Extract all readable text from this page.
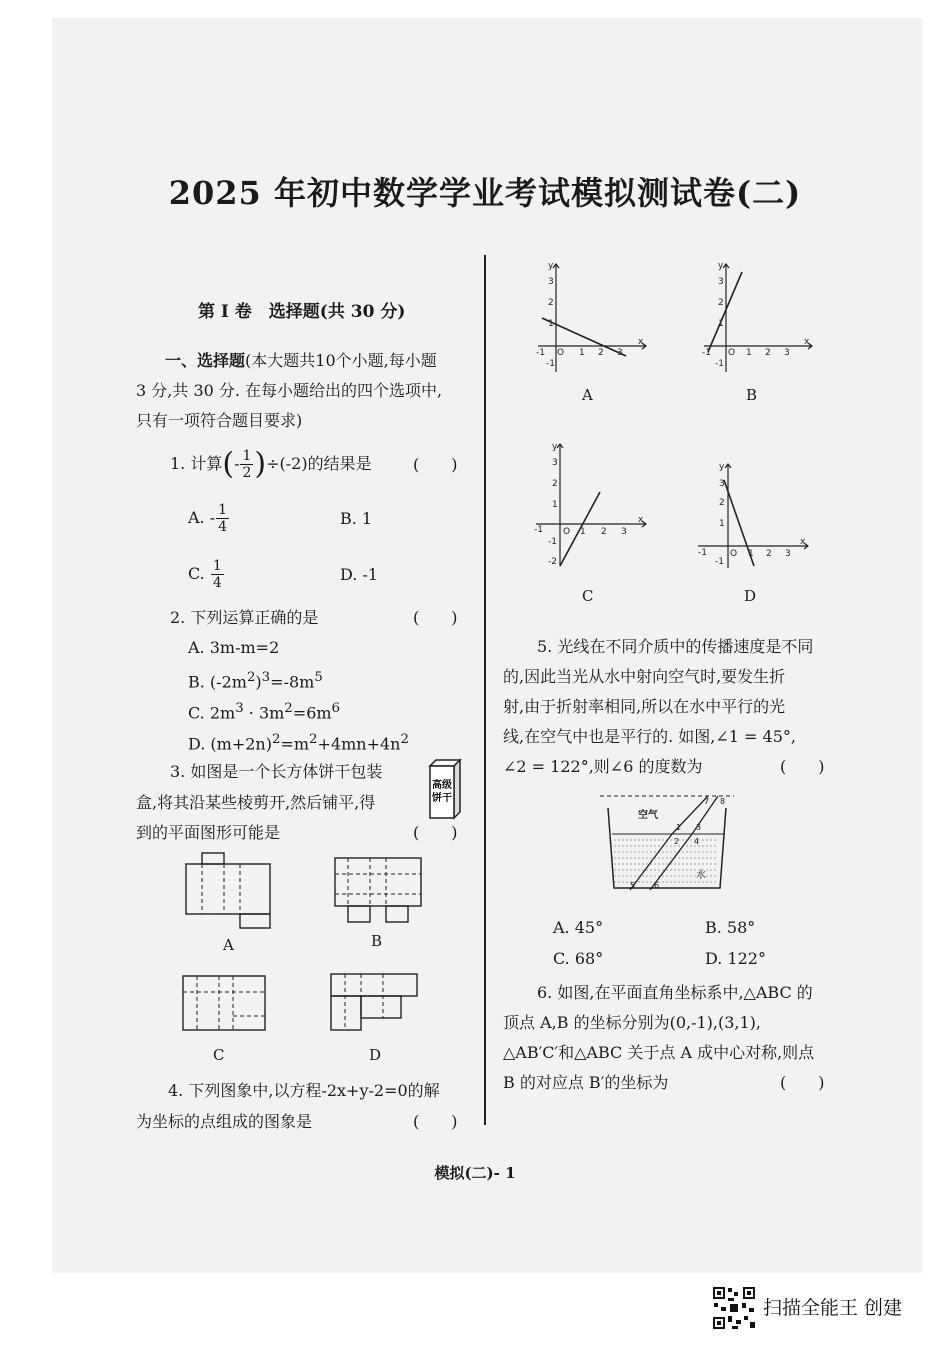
2025 年初中数学学业考试模拟测试卷(二)
第 I 卷　选择题(共 30 分)
一、选择题(本大题共10个小题,每小题
3 分,共 30 分. 在每小题给出的四个选项中,
只有一项符合题目要求)
1. 计算(- $\frac{1}{2} )\div(-2)$的结果是	(　　)
A. - $\frac{1}{4}$	B. 1
C. $\frac{1}{4}$	D. -1
2. 下列运算正确的是	(　　)
A. 3m-m=2
B. $(-2m^2)^3=-8m^5$
C. $2m^3 \cdot 3m^2=6m^6$
D. $(m+2n)^2=m^2+4mn+4n^2$
3. 如图是一个长方体饼干包装
盒,将其沿某些棱剪开,然后铺平,得
到的平面图形可能是	(　　)
高级
饼干
A	B
C	D
4. 下列图象中,以方程-2x+y-2=0的解
为坐标的点组成的图象是	(　　)
y
x
O
-1	1 2 3
3
2
1
-1
A
y
x
O
-1	1 2 3
3
2
1
-1
B
y
x
O
-1	1 2 3
3
2
1
-1
-2
C
y
x
O
-1	1 2 3
3
2
1
-1
D
5. 光线在不同介质中的传播速度是不同
的,因此当光从水中射向空气时,要发生折
射,由于折射率相同,所以在水中平行的光
线,在空气中也是平行的. 如图,∠1 = 45°,
∠2 = 122°,则∠6 的度数为	(　　)
空气
水
1
2
3
4
5 6
7 8
A. 45°	B. 58°
C. 68°	D. 122°
6. 如图,在平面直角坐标系中,△ABC 的
顶点 A,B 的坐标分别为(0,-1),(3,1),
△AB′C′和△ABC 关于点 A 成中心对称,则点
B 的对应点 B′的坐标为	(　　)
模拟(二)- 1
扫描全能王 创建
